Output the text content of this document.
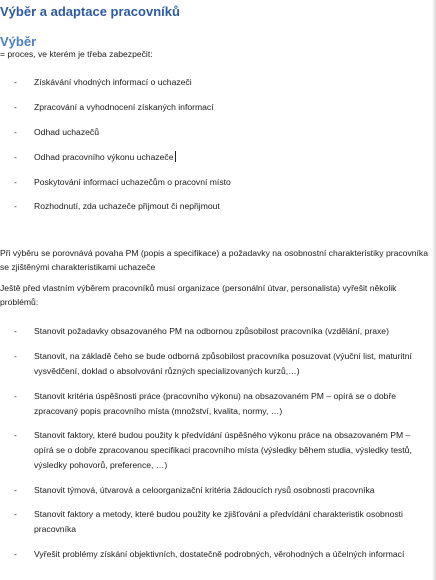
Výběr a adaptace pracovníků
Výběr
= proces, ve kterém je třeba zabezpečit:
- Získávání vhodných informací o uchazeči
- Zpracování a vyhodnocení získaných informací
- Odhad uchazečů
- Odhad pracovního výkonu uchazeče
- Poskytování informací uchazečům o pracovní místo
- Rozhodnutí, zda uchazeče přijmout či nepřijmout
Při výběru se porovnává povaha PM (popis a specifikace) a požadavky na osobnostní charakteristiky pracovníka se zjištěnými charakteristikami uchazeče
Ještě před vlastním výběrem pracovníků musí organizace (personální útvar, personalista) vyřešit několik problémů:
- Stanovit požadavky obsazovaného PM na odbornou způsobilost pracovníka (vzdělání, praxe)
- Stanovit, na základě čeho se bude odborná způsobilost pracovníka posuzovat (výuční list, maturitní vysvědčení, doklad o absolvování různých specializovaných kurzů,…)
- Stanovit kritéria úspěšnosti práce (pracovního výkonu) na obsazovaném PM – opírá se o dobře zpracovaný popis pracovního místa (množství, kvalita, normy, …)
- Stanovit faktory, které budou použity k předvídání úspěšného výkonu práce na obsazovaném PM – opírá se o dobře zpracovanou specifikaci pracovního místa (výsledky během studia, výsledky testů, výsledky pohovorů, preference, …)
- Stanovit týmová, útvarová a celoorganizační kritéria žádoucích rysů osobnosti pracovníka
- Stanovit faktory a metody, které budou použity ke zjišťování a předvídání charakteristik osobnosti pracovníka
- Vyřešit problémy získání objektivních, dostatečně podrobných, věrohodných a účelných informací
